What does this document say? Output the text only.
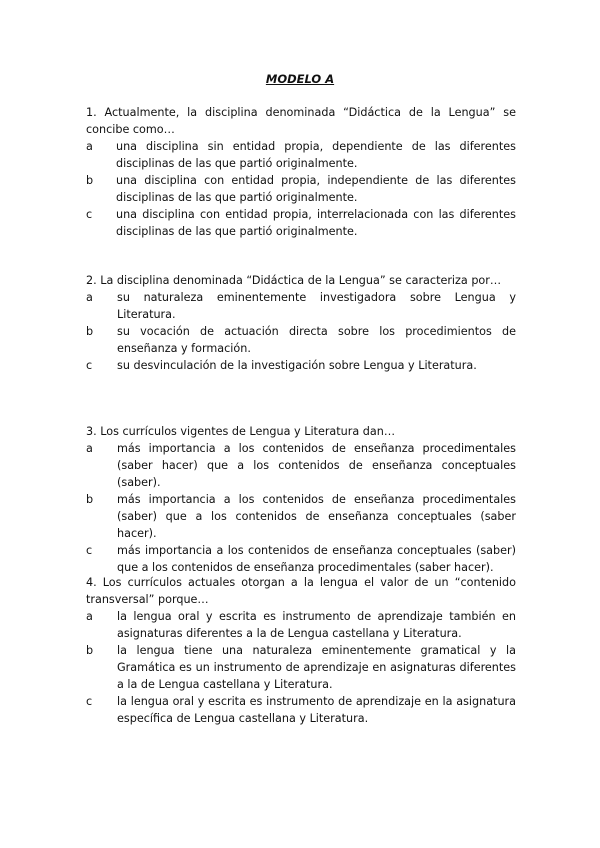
MODELO A

1. Actualmente, la disciplina denominada “Didáctica de la Lengua” se concibe como…

a	una disciplina sin entidad propia, dependiente de las diferentes disciplinas de las que partió originalmente.
b	una disciplina con entidad propia, independiente de las diferentes disciplinas de las que partió originalmente.
c	una disciplina con entidad propia, interrelacionada con las diferentes disciplinas de las que partió originalmente.

2. La disciplina denominada “Didáctica de la Lengua” se caracteriza por…

a	su naturaleza eminentemente investigadora sobre Lengua y Literatura.
b	su vocación de actuación directa sobre los procedimientos de enseñanza y formación.
c	su desvinculación de la investigación sobre Lengua y Literatura.

3. Los currículos vigentes de Lengua y Literatura dan…

a	más importancia a los contenidos de enseñanza procedimentales (saber hacer) que a los contenidos de enseñanza conceptuales (saber).
b	más importancia a los contenidos de enseñanza procedimentales (saber) que a los contenidos de enseñanza conceptuales (saber hacer).
c	más importancia a los contenidos de enseñanza conceptuales (saber) que a los contenidos de enseñanza procedimentales (saber hacer).

4. Los currículos actuales otorgan a la lengua el valor de un “contenido transversal” porque…

a	la lengua oral y escrita es instrumento de aprendizaje también en asignaturas diferentes a la de Lengua castellana y Literatura.
b	la lengua tiene una naturaleza eminentemente gramatical y la Gramática es un instrumento de aprendizaje en asignaturas diferentes a la de Lengua castellana y Literatura.
c	la lengua oral y escrita es instrumento de aprendizaje en la asignatura específica de Lengua castellana y Literatura.
